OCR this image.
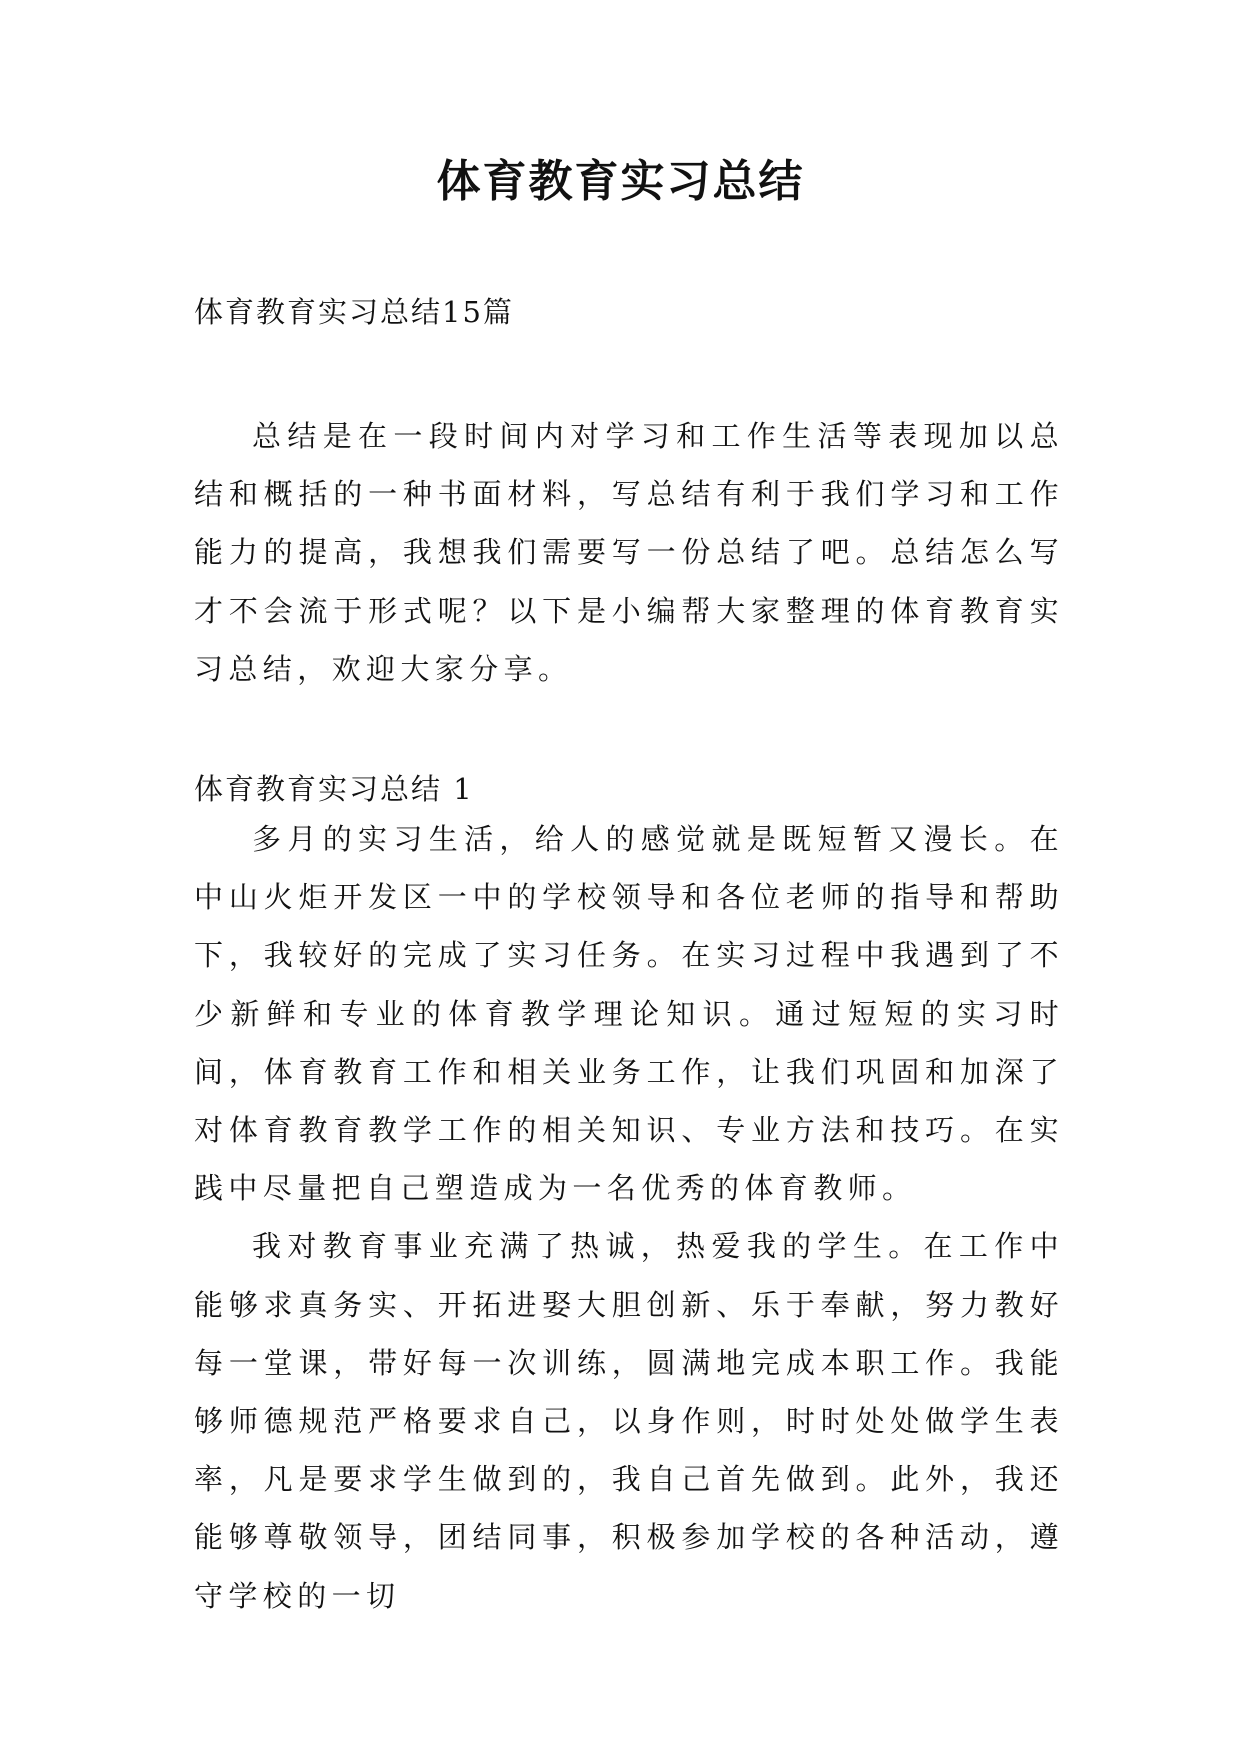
体育教育实习总结
体育教育实习总结15篇

总结是在一段时间内对学习和工作生活等表现加以总结和概括的一种书面材料，写总结有利于我们学习和工作能力的提高，我想我们需要写一份总结了吧。总结怎么写才不会流于形式呢？以下是小编帮大家整理的体育教育实习总结，欢迎大家分享。

体育教育实习总结 1

多月的实习生活，给人的感觉就是既短暂又漫长。在中山火炬开发区一中的学校领导和各位老师的指导和帮助下，我较好的完成了实习任务。在实习过程中我遇到了不少新鲜和专业的体育教学理论知识。通过短短的实习时间，体育教育工作和相关业务工作，让我们巩固和加深了对体育教育教学工作的相关知识、专业方法和技巧。在实践中尽量把自己塑造成为一名优秀的体育教师。

我对教育事业充满了热诚，热爱我的学生。在工作中能够求真务实、开拓进娶大胆创新、乐于奉献，努力教好每一堂课，带好每一次训练，圆满地完成本职工作。我能够师德规范严格要求自己，以身作则，时时处处做学生表率，凡是要求学生做到的，我自己首先做到。此外，我还能够尊敬领导，团结同事，积极参加学校的各种活动，遵守学校的一切
